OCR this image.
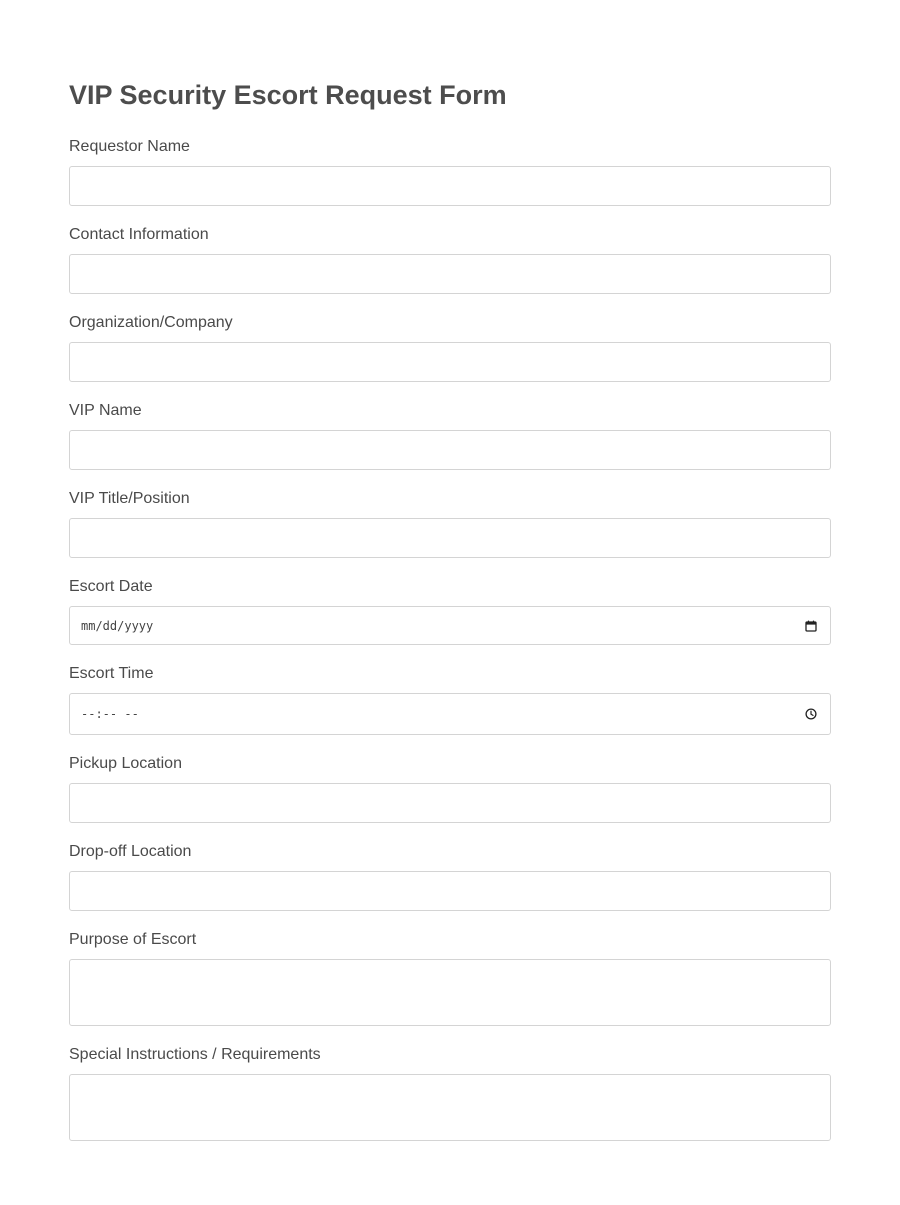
VIP Security Escort Request Form
Requestor Name
Contact Information
Organization/Company
VIP Name
VIP Title/Position
Escort Date
mm/dd/yyyy
Escort Time
--:-- --
Pickup Location
Drop-off Location
Purpose of Escort
Special Instructions / Requirements
